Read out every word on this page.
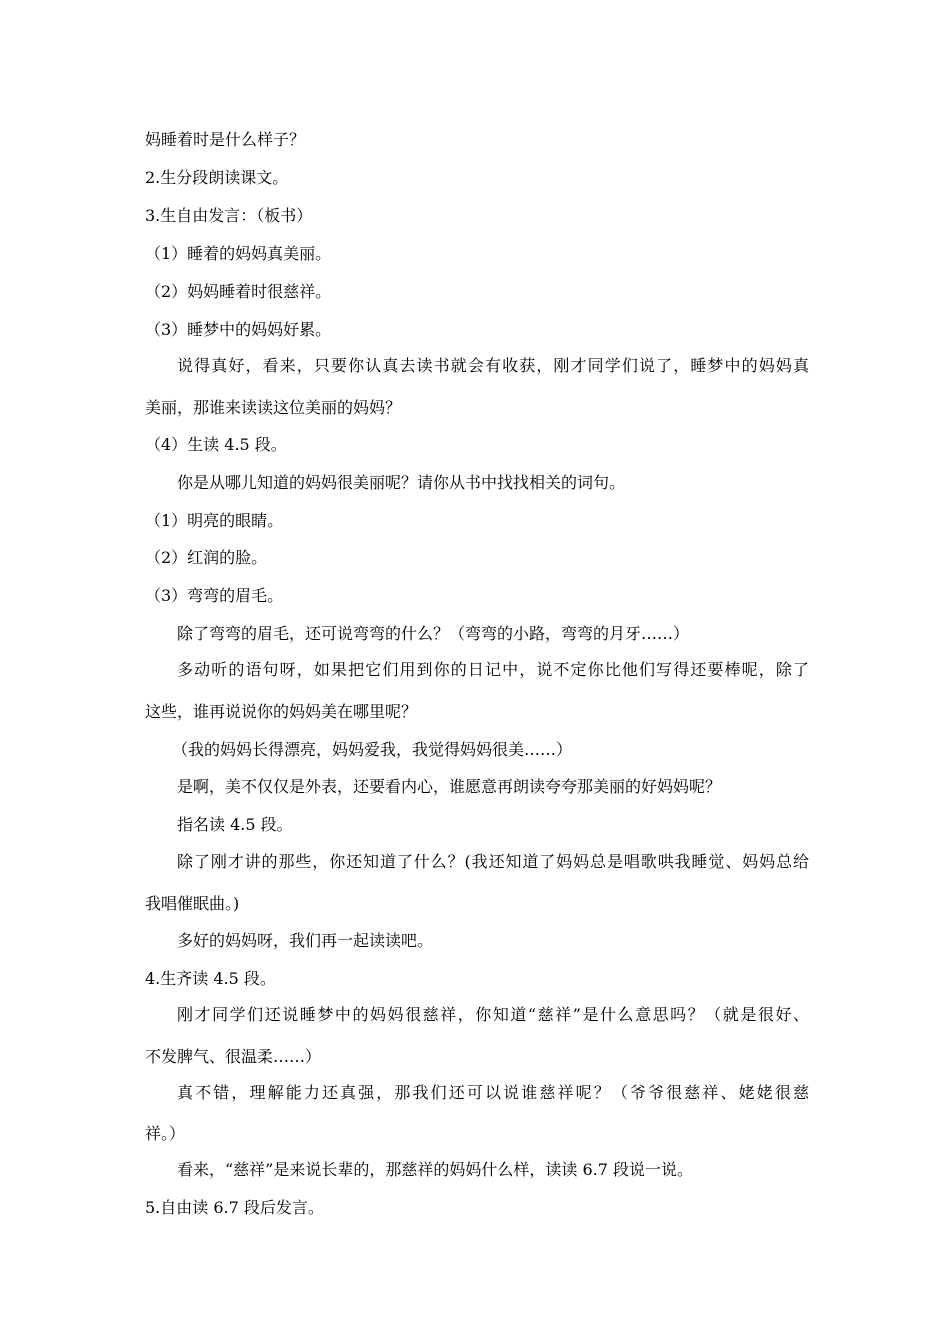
妈睡着时是什么样子？
2.生分段朗读课文。
3.生自由发言：（板书）
（1）睡着的妈妈真美丽。
（2）妈妈睡着时很慈祥。
（3）睡梦中的妈妈好累。
说得真好，看来，只要你认真去读书就会有收获，刚才同学们说了，睡梦中的妈妈真
美丽，那谁来读读这位美丽的妈妈？
（4）生读 4.5 段。
你是从哪儿知道的妈妈很美丽呢？请你从书中找找相关的词句。
（1）明亮的眼睛。
（2）红润的脸。
（3）弯弯的眉毛。
除了弯弯的眉毛，还可说弯弯的什么？（弯弯的小路，弯弯的月牙……）
多动听的语句呀，如果把它们用到你的日记中，说不定你比他们写得还要棒呢，除了
这些，谁再说说你的妈妈美在哪里呢？
（我的妈妈长得漂亮，妈妈爱我，我觉得妈妈很美……）
是啊，美不仅仅是外表，还要看内心，谁愿意再朗读夸夸那美丽的好妈妈呢？
指名读 4.5 段。
除了刚才讲的那些，你还知道了什么？(我还知道了妈妈总是唱歌哄我睡觉、妈妈总给
我唱催眠曲。)
多好的妈妈呀，我们再一起读读吧。
4.生齐读 4.5 段。
刚才同学们还说睡梦中的妈妈很慈祥，你知道“慈祥”是什么意思吗？（就是很好、
不发脾气、很温柔……）
真不错，理解能力还真强，那我们还可以说谁慈祥呢？（爷爷很慈祥、姥姥很慈
祥。）
看来，“慈祥”是来说长辈的，那慈祥的妈妈什么样，读读 6.7 段说一说。
5.自由读 6.7 段后发言。
